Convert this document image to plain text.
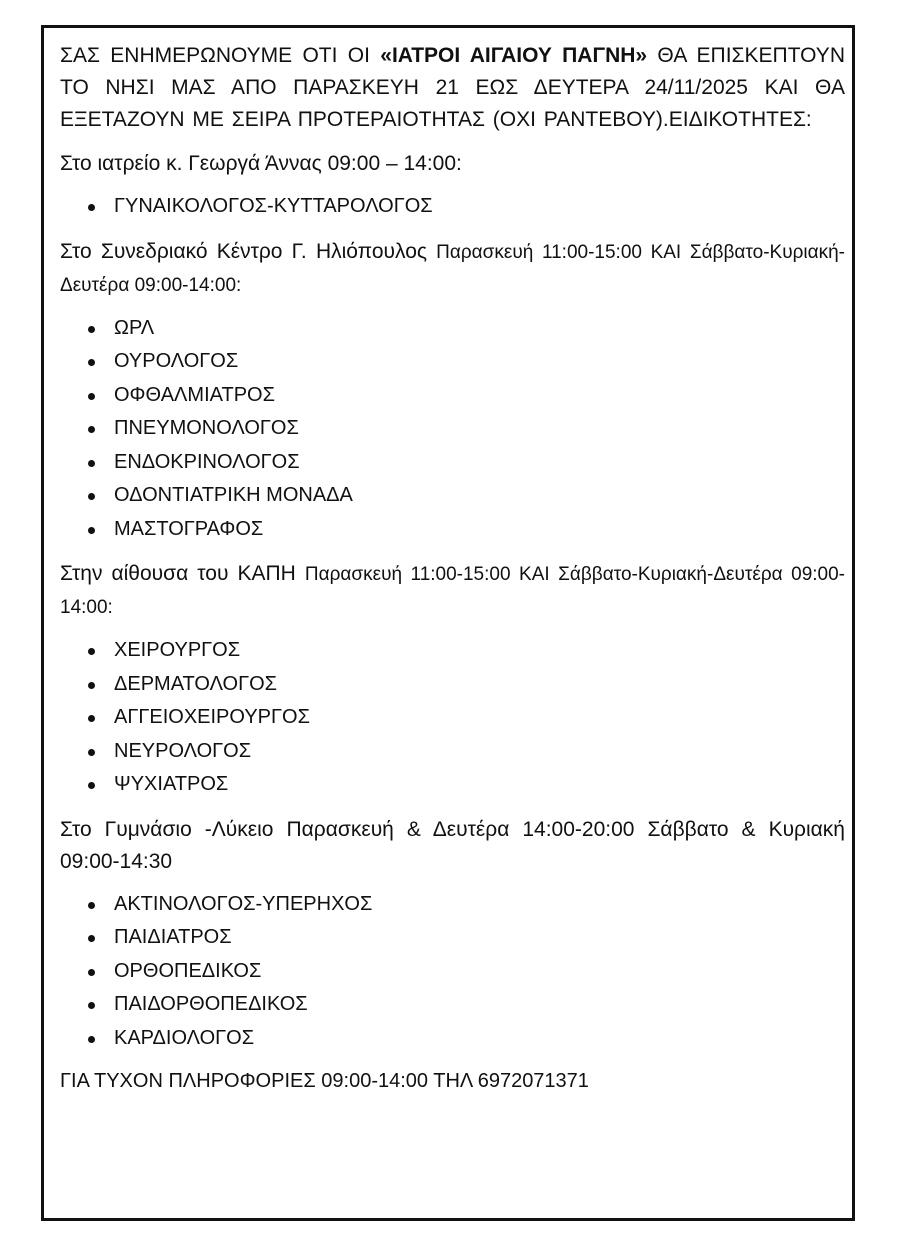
ΣΑΣ ΕΝΗΜΕΡΩΝΟΥΜΕ ΟΤΙ ΟΙ «ΙΑΤΡΟΙ ΑΙΓΑΙΟΥ ΠΑΓΝΗ» ΘΑ ΕΠΙΣΚΕΠΤΟΥΝ ΤΟ ΝΗΣΙ ΜΑΣ ΑΠΟ ΠΑΡΑΣΚΕΥΗ 21 ΕΩΣ ΔΕΥΤΕΡΑ 24/11/2025 ΚΑΙ ΘΑ ΕΞΕΤΑΖΟΥΝ ΜΕ ΣΕΙΡΑ ΠΡΟΤΕΡΑΙΟΤΗΤΑΣ (ΟΧΙ ΡΑΝΤΕΒΟΥ).ΕΙΔΙΚΟΤΗΤΕΣ:

Στο ιατρείο κ. Γεωργά Άννας 09:00 – 14:00:

ΓΥΝΑΙΚΟΛΟΓΟΣ-ΚΥΤΤΑΡΟΛΟΓΟΣ

Στο Συνεδριακό Κέντρο Γ. Ηλιόπουλος Παρασκευή 11:00-15:00 ΚΑΙ Σάββατο-Κυριακή-Δευτέρα 09:00-14:00:

ΩΡΛ
ΟΥΡΟΛΟΓΟΣ
ΟΦΘΑΛΜΙΑΤΡΟΣ
ΠΝΕΥΜΟΝΟΛΟΓΟΣ
ΕΝΔΟΚΡΙΝΟΛΟΓΟΣ
ΟΔΟΝΤΙΑΤΡΙΚΗ ΜΟΝΑΔΑ
ΜΑΣΤΟΓΡΑΦΟΣ

Στην αίθουσα του ΚΑΠΗ Παρασκευή 11:00-15:00 ΚΑΙ Σάββατο-Κυριακή-Δευτέρα 09:00-14:00:

ΧΕΙΡΟΥΡΓΟΣ
ΔΕΡΜΑΤΟΛΟΓΟΣ
ΑΓΓΕΙΟΧΕΙΡΟΥΡΓΟΣ
ΝΕΥΡΟΛΟΓΟΣ
ΨΥΧΙΑΤΡΟΣ

Στο Γυμνάσιο -Λύκειο Παρασκευή & Δευτέρα 14:00-20:00 Σάββατο & Κυριακή 09:00-14:30

ΑΚΤΙΝΟΛΟΓΟΣ-ΥΠΕΡΗΧΟΣ
ΠΑΙΔΙΑΤΡΟΣ
ΟΡΘΟΠΕΔΙΚΟΣ
ΠΑΙΔΟΡΘΟΠΕΔΙΚΟΣ
ΚΑΡΔΙΟΛΟΓΟΣ

ΓΙΑ ΤΥΧΟΝ ΠΛΗΡΟΦΟΡΙΕΣ 09:00-14:00 ΤΗΛ 6972071371
